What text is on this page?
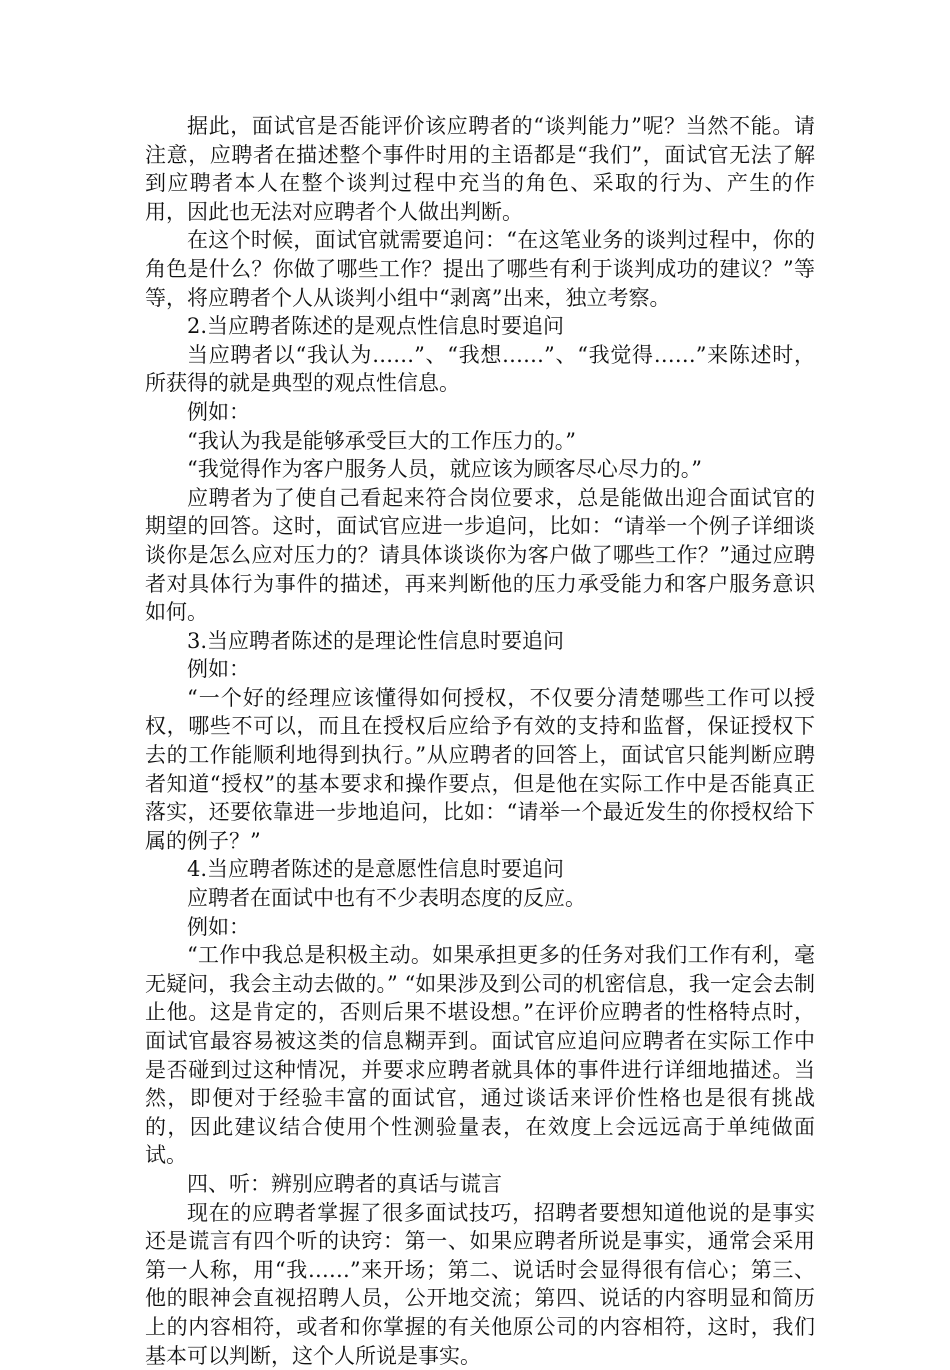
据此，面试官是否能评价该应聘者的“谈判能力”呢？当然不能。请注意，应聘者在描述整个事件时用的主语都是“我们”，面试官无法了解到应聘者本人在整个谈判过程中充当的角色、采取的行为、产生的作用，因此也无法对应聘者个人做出判断。

在这个时候，面试官就需要追问：“在这笔业务的谈判过程中，你的角色是什么？你做了哪些工作？提出了哪些有利于谈判成功的建议？”等等，将应聘者个人从谈判小组中“剥离”出来，独立考察。

2.当应聘者陈述的是观点性信息时要追问

当应聘者以“我认为……”、“我想……”、“我觉得……”来陈述时，所获得的就是典型的观点性信息。

例如：

“我认为我是能够承受巨大的工作压力的。”

“我觉得作为客户服务人员，就应该为顾客尽心尽力的。”

应聘者为了使自己看起来符合岗位要求，总是能做出迎合面试官的期望的回答。这时，面试官应进一步追问，比如：“请举一个例子详细谈谈你是怎么应对压力的？请具体谈谈你为客户做了哪些工作？”通过应聘者对具体行为事件的描述，再来判断他的压力承受能力和客户服务意识如何。

3.当应聘者陈述的是理论性信息时要追问

例如：

“一个好的经理应该懂得如何授权，不仅要分清楚哪些工作可以授权，哪些不可以，而且在授权后应给予有效的支持和监督，保证授权下去的工作能顺利地得到执行。”从应聘者的回答上，面试官只能判断应聘者知道“授权”的基本要求和操作要点，但是他在实际工作中是否能真正落实，还要依靠进一步地追问，比如：“请举一个最近发生的你授权给下属的例子？”

4.当应聘者陈述的是意愿性信息时要追问

应聘者在面试中也有不少表明态度的反应。

例如：

“工作中我总是积极主动。如果承担更多的任务对我们工作有利，毫无疑问，我会主动去做的。” “如果涉及到公司的机密信息，我一定会去制止他。这是肯定的，否则后果不堪设想。”在评价应聘者的性格特点时，面试官最容易被这类的信息糊弄到。面试官应追问应聘者在实际工作中是否碰到过这种情况，并要求应聘者就具体的事件进行详细地描述。当然，即便对于经验丰富的面试官，通过谈话来评价性格也是很有挑战的，因此建议结合使用个性测验量表，在效度上会远远高于单纯做面试。

四、听：辨别应聘者的真话与谎言

现在的应聘者掌握了很多面试技巧，招聘者要想知道他说的是事实还是谎言有四个听的诀窍：第一、如果应聘者所说是事实，通常会采用第一人称，用“我……”来开场；第二、说话时会显得很有信心；第三、他的眼神会直视招聘人员，公开地交流；第四、说话的内容明显和简历上的内容相符，或者和你掌握的有关他原公司的内容相符，这时，我们基本可以判断，这个人所说是事实。
